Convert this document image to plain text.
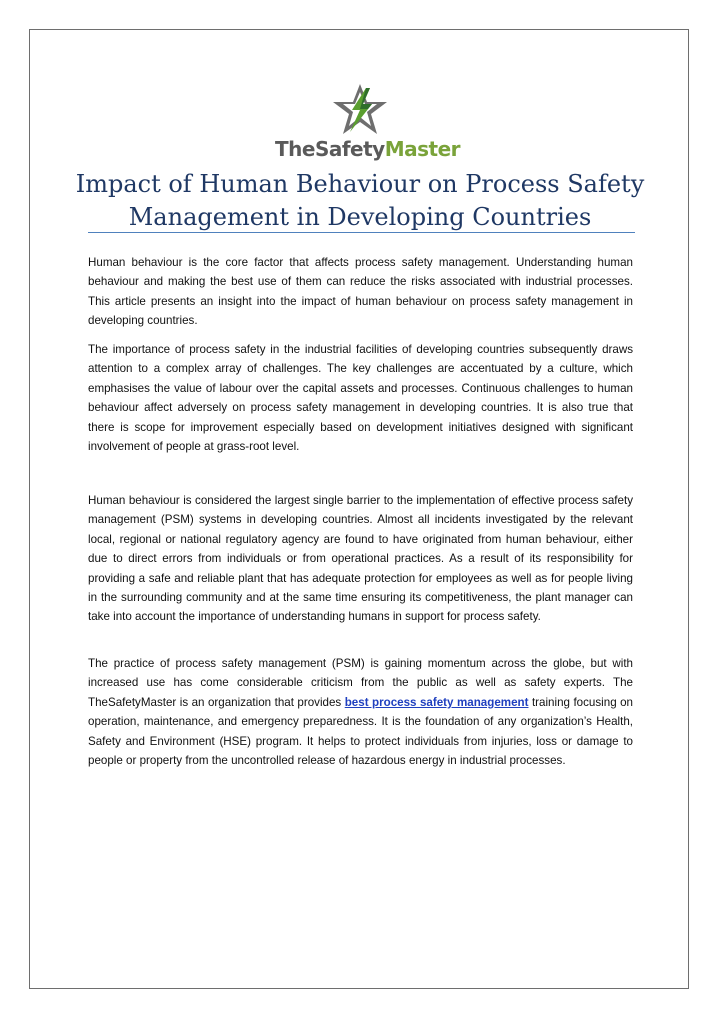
TheSafetyMaster
Impact of Human Behaviour on Process Safety Management in Developing Countries

Human behaviour is the core factor that affects process safety management. Understanding human behaviour and making the best use of them can reduce the risks associated with industrial processes. This article presents an insight into the impact of human behaviour on process safety management in developing countries.

The importance of process safety in the industrial facilities of developing countries subsequently draws attention to a complex array of challenges. The key challenges are accentuated by a culture, which emphasises the value of labour over the capital assets and processes. Continuous challenges to human behaviour affect adversely on process safety management in developing countries. It is also true that there is scope for improvement especially based on development initiatives designed with significant involvement of people at grass-root level.

Human behaviour is considered the largest single barrier to the implementation of effective process safety management (PSM) systems in developing countries. Almost all incidents investigated by the relevant local, regional or national regulatory agency are found to have originated from human behaviour, either due to direct errors from individuals or from operational practices. As a result of its responsibility for providing a safe and reliable plant that has adequate protection for employees as well as for people living in the surrounding community and at the same time ensuring its competitiveness, the plant manager can take into account the importance of understanding humans in support for process safety.

The practice of process safety management (PSM) is gaining momentum across the globe, but with increased use has come considerable criticism from the public as well as safety experts. The TheSafetyMaster is an organization that provides best process safety management training focusing on operation, maintenance, and emergency preparedness. It is the foundation of any organization’s Health, Safety and Environment (HSE) program. It helps to protect individuals from injuries, loss or damage to people or property from the uncontrolled release of hazardous energy in industrial processes.
